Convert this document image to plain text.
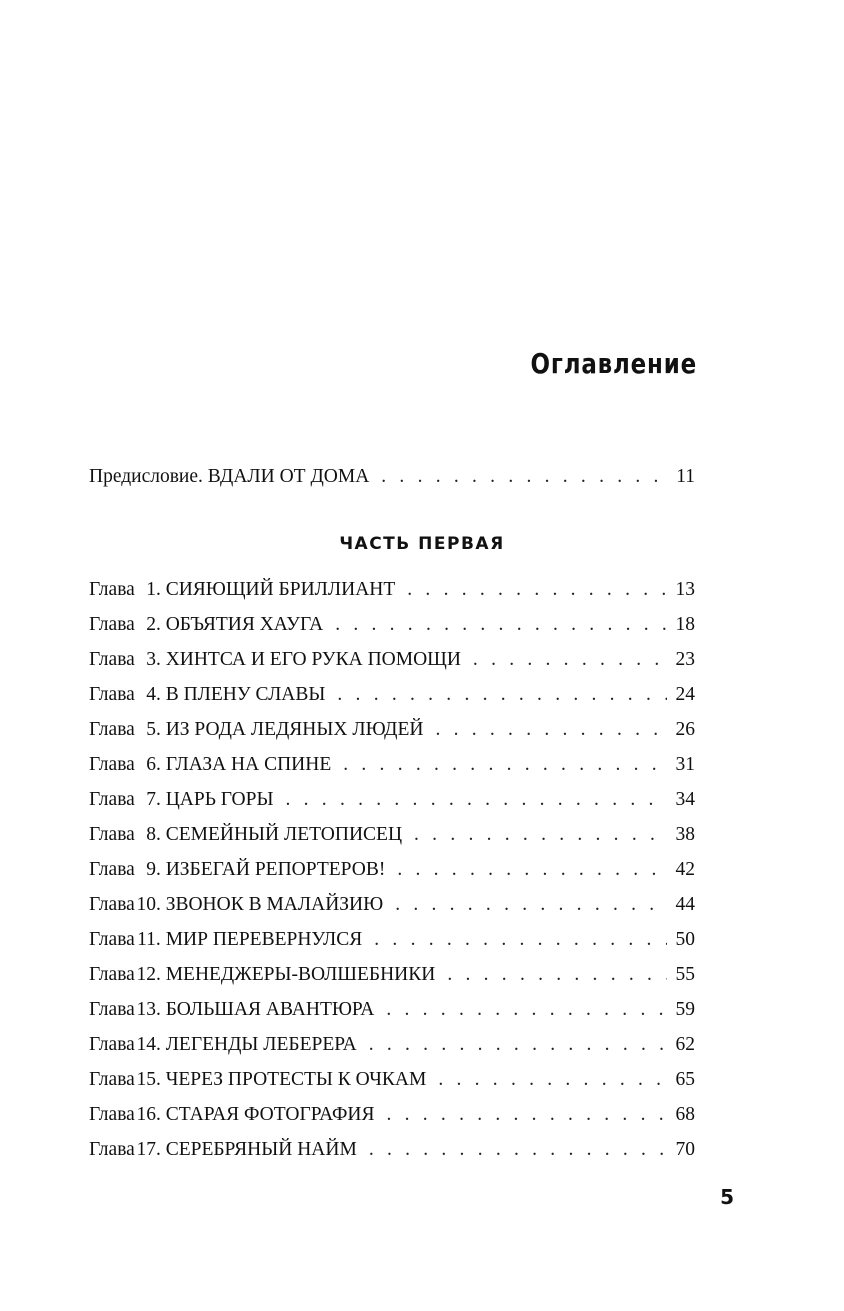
Оглавление
Предисловие. ВДАЛИ ОТ ДОМА . . .	11
ЧАСТЬ ПЕРВАЯ
Глава 1. СИЯЮЩИЙ БРИЛЛИАНТ . . .	13
Глава 2. ОБЪЯТИЯ ХАУГА . . .	18
Глава 3. ХИНТСА И ЕГО РУКА ПОМОЩИ . . .	23
Глава 4. В ПЛЕНУ СЛАВЫ . . .	24
Глава 5. ИЗ РОДА ЛЕДЯНЫХ ЛЮДЕЙ . . .	26
Глава 6. ГЛАЗА НА СПИНЕ . . .	31
Глава 7. ЦАРЬ ГОРЫ . . .	34
Глава 8. СЕМЕЙНЫЙ ЛЕТОПИСЕЦ . . .	38
Глава 9. ИЗБЕГАЙ РЕПОРТЕРОВ! . . .	42
Глава10. ЗВОНОК В МАЛАЙЗИЮ . . .	44
Глава 11. МИР ПЕРЕВЕРНУЛСЯ . . .	50
Глава12. МЕНЕДЖЕРЫ-ВОЛШЕБНИКИ . . .	55
Глава13. БОЛЬШАЯ АВАНТЮРА . . .	59
Глава14. ЛЕГЕНДЫ ЛЕБЕРЕРА . . .	62
Глава15. ЧЕРЕЗ ПРОТЕСТЫ К ОЧКАМ . . .	65
Глава16. СТАРАЯ ФОТОГРАФИЯ . . .	68
Глава17. СЕРЕБРЯНЫЙ НАЙМ . . .	70
5
